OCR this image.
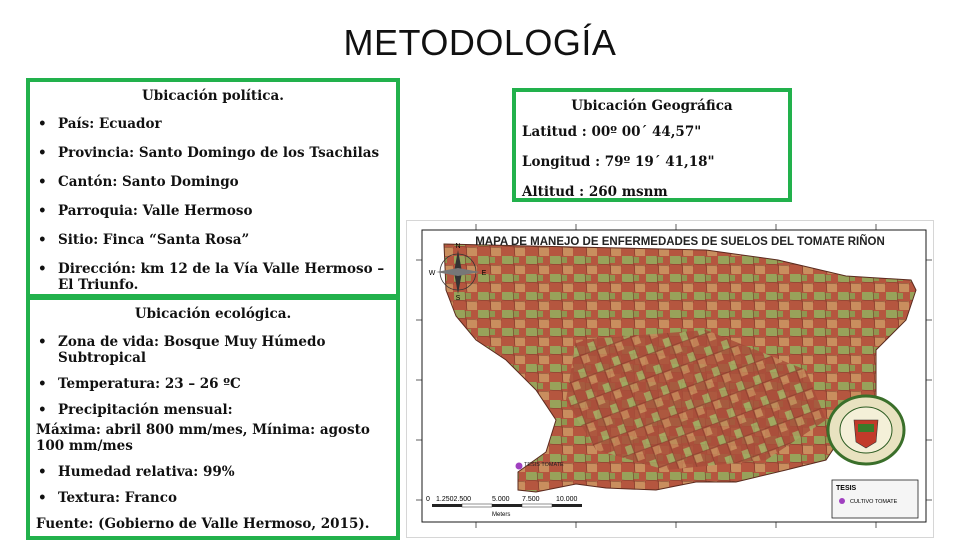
METODOLOGÍA
Ubicación política.
• País: Ecuador
• Provincia: Santo Domingo de los Tsachilas
• Cantón: Santo Domingo
• Parroquia: Valle Hermoso
• Sitio: Finca “Santa Rosa”
• Dirección: km 12 de la Vía Valle Hermoso – El Triunfo.
Ubicación ecológica.
• Zona de vida: Bosque Muy Húmedo Subtropical
• Temperatura: 23 – 26 ºC
• Precipitación mensual:
Máxima: abril 800 mm/mes, Mínima: agosto 100 mm/mes
• Humedad relativa: 99%
• Textura: Franco
Fuente: (Gobierno de Valle Hermoso, 2015).
Ubicación Geográfica
Latitud : 00º 00´ 44,57"
Longitud : 79º 19´ 41,18"
Altitud : 260 msnm
MAPA DE MANEJO DE ENFERMEDADES DE SUELOS DEL TOMATE RIÑON
N
S
E
W
TESIS TOMATE
TESIS
CULTIVO TOMATE
0 1.2502.500	5.000 7.500 10.000
Meters
